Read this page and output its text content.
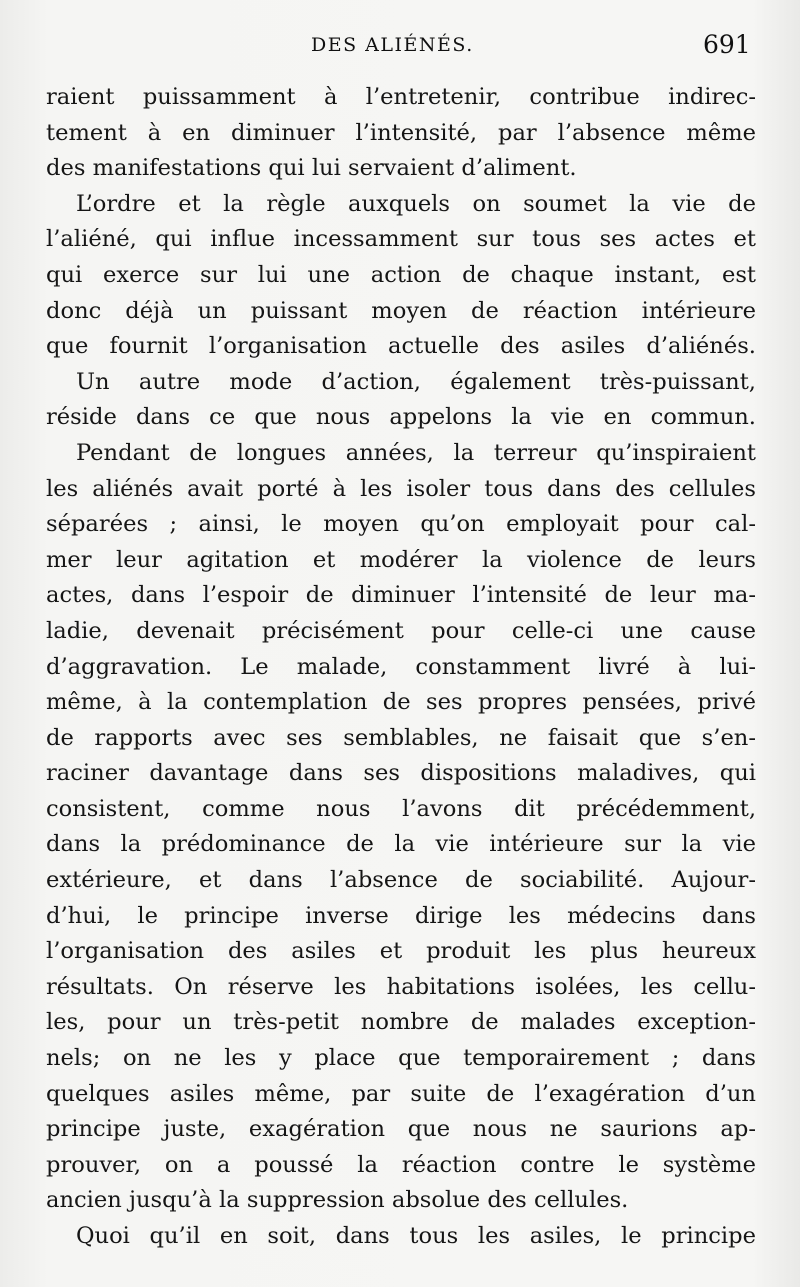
DES ALIÉNÉS.	691
raient puissamment à l’entretenir, contribue indirec-
tement à en diminuer l’intensité, par l’absence même
des manifestations qui lui servaient d’aliment.
L’ordre et la règle auxquels on soumet la vie de
l’aliéné, qui influe incessamment sur tous ses actes et
qui exerce sur lui une action de chaque instant, est
donc déjà un puissant moyen de réaction intérieure
que fournit l’organisation actuelle des asiles d’aliénés.
Un autre mode d’action, également très-puissant,
réside dans ce que nous appelons la vie en commun.
Pendant de longues années, la terreur qu’inspiraient
les aliénés avait porté à les isoler tous dans des cellules
séparées ; ainsi, le moyen qu’on employait pour cal-
mer leur agitation et modérer la violence de leurs
actes, dans l’espoir de diminuer l’intensité de leur ma-
ladie, devenait précisément pour celle-ci une cause
d’aggravation. Le malade, constamment livré à lui-
même, à la contemplation de ses propres pensées, privé
de rapports avec ses semblables, ne faisait que s’en-
raciner davantage dans ses dispositions maladives, qui
consistent, comme nous l’avons dit précédemment,
dans la prédominance de la vie intérieure sur la vie
extérieure, et dans l’absence de sociabilité. Aujour-
d’hui, le principe inverse dirige les médecins dans
l’organisation des asiles et produit les plus heureux
résultats. On réserve les habitations isolées, les cellu-
les, pour un très-petit nombre de malades exception-
nels; on ne les y place que temporairement ; dans
quelques asiles même, par suite de l’exagération d’un
principe juste, exagération que nous ne saurions ap-
prouver, on a poussé la réaction contre le système
ancien jusqu’à la suppression absolue des cellules.
Quoi qu’il en soit, dans tous les asiles, le principe
